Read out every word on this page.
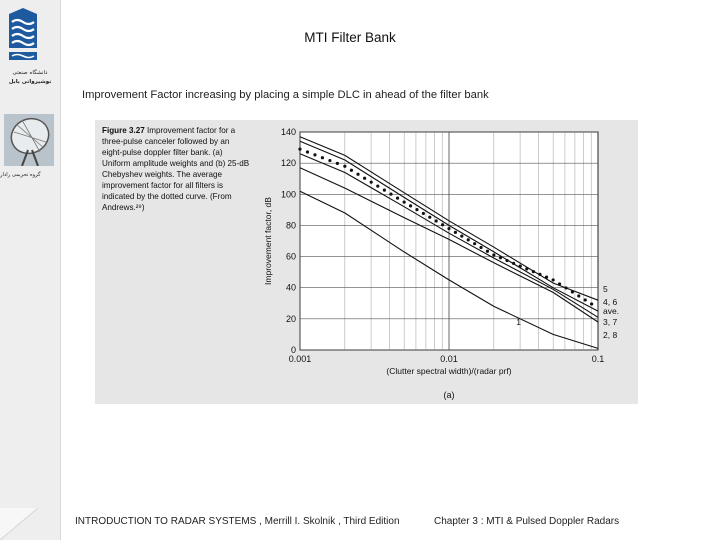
دانشگاه صنعتی
نوشیروانی بابل
گروه تحریمی رادار
MTI Filter Bank
Improvement Factor increasing by placing a simple DLC in ahead of the filter bank
Figure 3.27 Improvement factor for a three-pulse canceler followed by an eight-pulse doppler filter bank. (a) Uniform amplitude weights and (b) 25-dB Chebyshev weights. The average improvement factor for all filters is indicated by the dotted curve. (From Andrews.²⁹)
0
20
40
60
80
100
120
140
0.001	0.01	0.1
(Clutter spectral width)/(radar prf)
Improvement factor, dB
5
4, 6
ave.
3, 7
2, 8
1
(a)
INTRODUCTION TO RADAR SYSTEMS , Merrill I. Skolnik , Third Edition	Chapter 3 : MTI & Pulsed Doppler Radars
